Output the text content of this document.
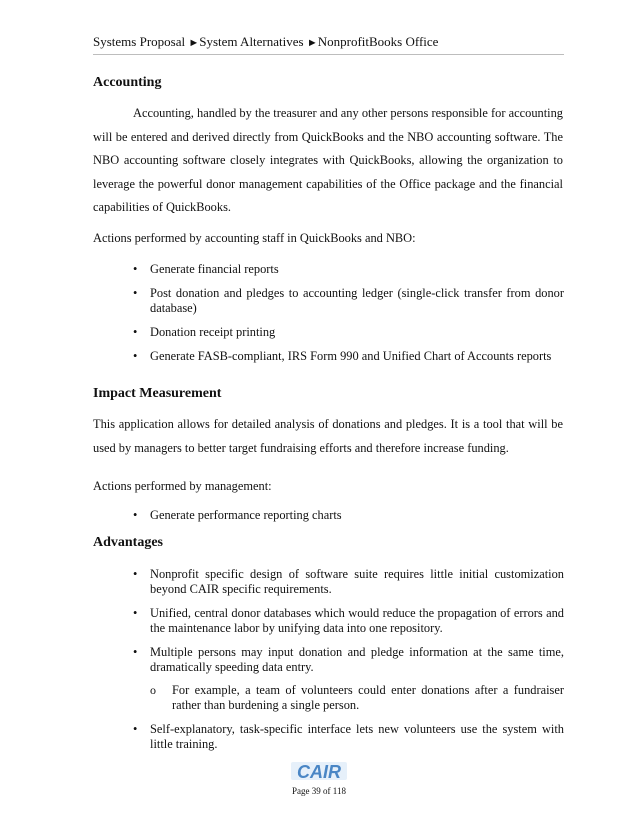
Systems Proposal ►System Alternatives ►NonprofitBooks Office
Accounting

Accounting, handled by the treasurer and any other persons responsible for accounting will be entered and derived directly from QuickBooks and the NBO accounting software. The NBO accounting software closely integrates with QuickBooks, allowing the organization to leverage the powerful donor management capabilities of the Office package and the financial capabilities of QuickBooks.

Actions performed by accounting staff in QuickBooks and NBO:

• Generate financial reports
• Post donation and pledges to accounting ledger (single-click transfer from donor database)
• Donation receipt printing
• Generate FASB-compliant, IRS Form 990 and Unified Chart of Accounts reports
Impact Measurement

This application allows for detailed analysis of donations and pledges. It is a tool that will be used by managers to better target fundraising efforts and therefore increase funding.

Actions performed by management:

• Generate performance reporting charts
Advantages
• Nonprofit specific design of software suite requires little initial customization beyond CAIR specific requirements.
• Unified, central donor databases which would reduce the propagation of errors and the maintenance labor by unifying data into one repository.
• Multiple persons may input donation and pledge information at the same time, dramatically speeding data entry.
o For example, a team of volunteers could enter donations after a fundraiser rather than burdening a single person.
• Self-explanatory, task-specific interface lets new volunteers use the system with little training.
CAIR
Page 39 of 118
